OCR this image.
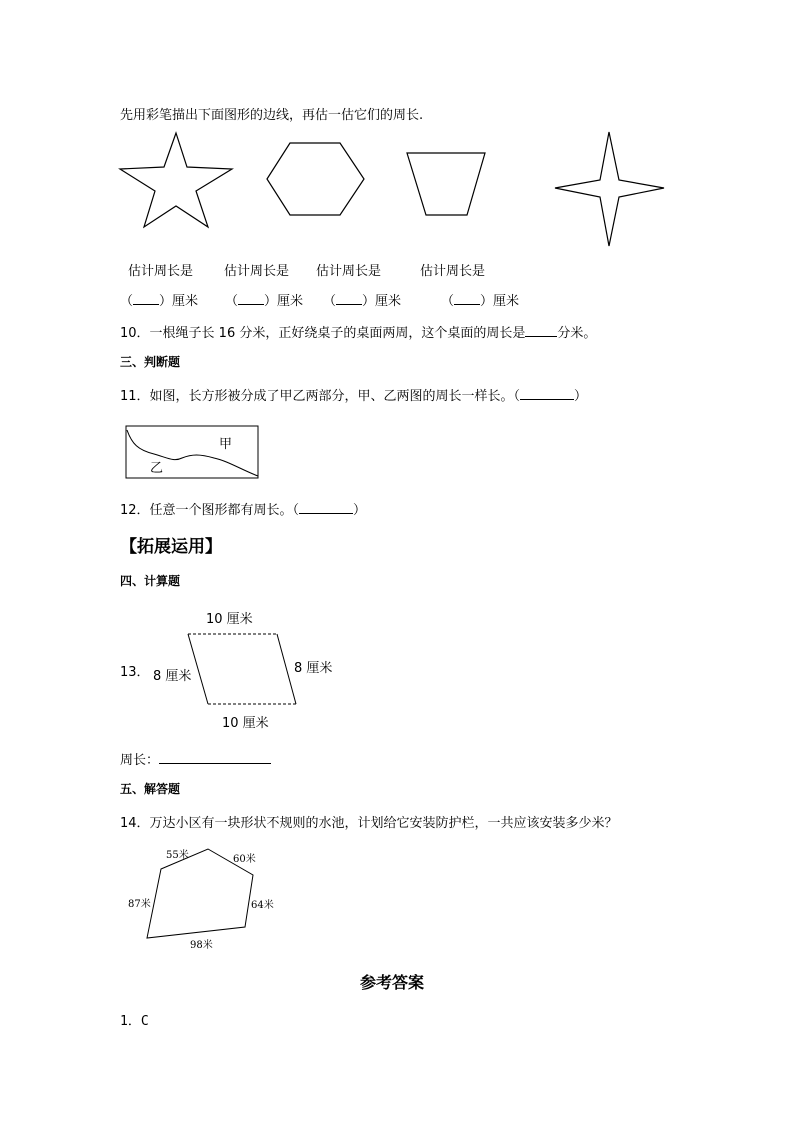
先用彩笔描出下面图形的边线，再估一估它们的周长.
估计周长是 估计周长是 估计周长是	估计周长是
（ ）厘米 （ ）厘米 （ ）厘米	（ ）厘米
10．一根绳子长 16 分米，正好绕桌子的桌面两周，这个桌面的周长是 分米。
三、判断题
11．如图，长方形被分成了甲乙两部分，甲、乙两图的周长一样长。（	）
甲
乙
12．任意一个图形都有周长。（	）
【拓展运用】
四、计算题
10 厘米
13． 8 厘米
8 厘米
10 厘米
周长：
五、解答题
14．万达小区有一块形状不规则的水池，计划给它安装防护栏，一共应该安装多少米？
55米	60米
87米	64米
98米
参考答案
1．C
